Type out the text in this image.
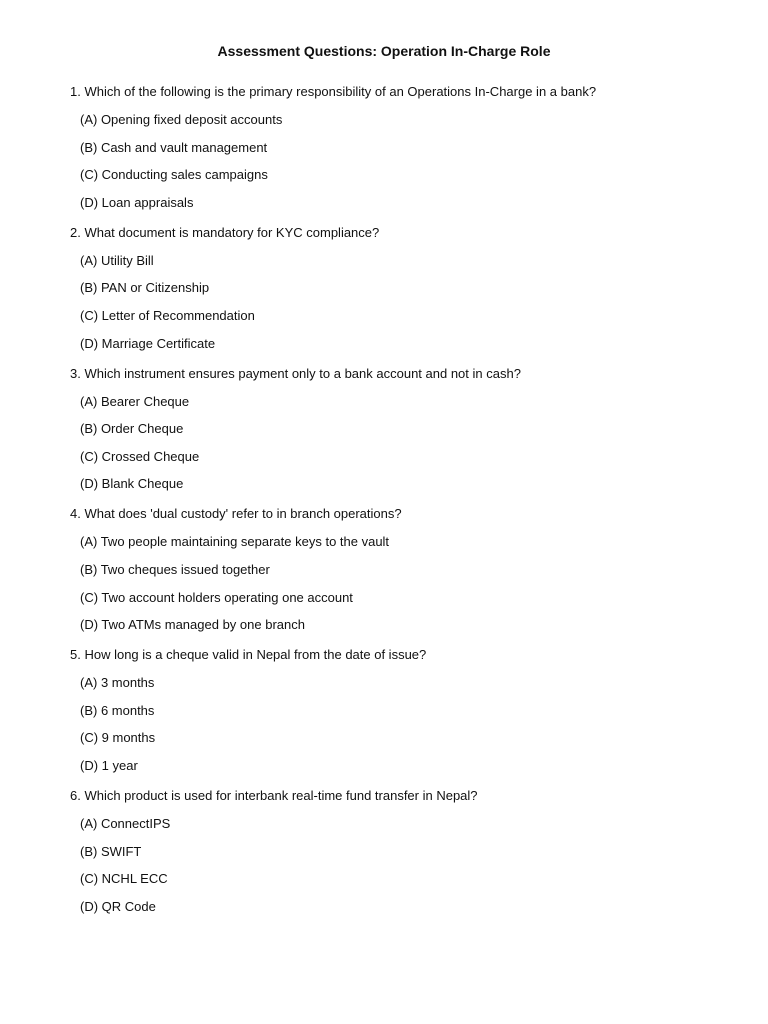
Assessment Questions: Operation In-Charge Role

1. Which of the following is the primary responsibility of an Operations In-Charge in a bank?

(A) Opening fixed deposit accounts
(B) Cash and vault management
(C) Conducting sales campaigns
(D) Loan appraisals

2. What document is mandatory for KYC compliance?

(A) Utility Bill
(B) PAN or Citizenship
(C) Letter of Recommendation
(D) Marriage Certificate

3. Which instrument ensures payment only to a bank account and not in cash?

(A) Bearer Cheque
(B) Order Cheque
(C) Crossed Cheque
(D) Blank Cheque

4. What does 'dual custody' refer to in branch operations?

(A) Two people maintaining separate keys to the vault
(B) Two cheques issued together
(C) Two account holders operating one account
(D) Two ATMs managed by one branch

5. How long is a cheque valid in Nepal from the date of issue?

(A) 3 months
(B) 6 months
(C) 9 months
(D) 1 year

6. Which product is used for interbank real-time fund transfer in Nepal?

(A) ConnectIPS
(B) SWIFT
(C) NCHL ECC
(D) QR Code
